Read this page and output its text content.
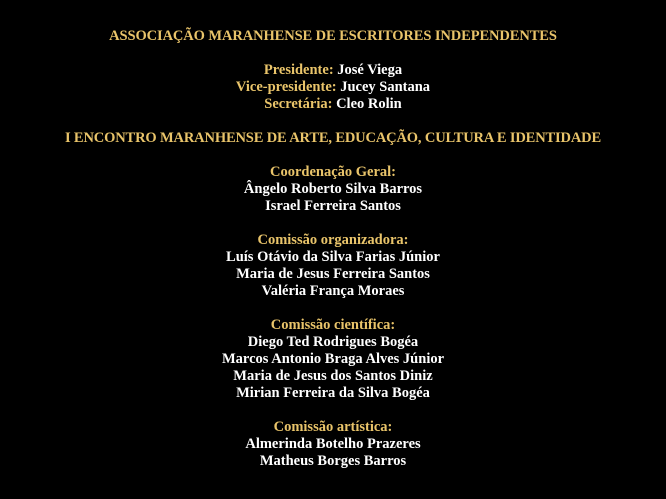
ASSOCIAÇÃO MARANHENSE DE ESCRITORES INDEPENDENTES
Presidente: José Viega
Vice-presidente: Jucey Santana
Secretária: Cleo Rolin
I ENCONTRO MARANHENSE DE ARTE, EDUCAÇÃO, CULTURA E IDENTIDADE
Coordenação Geral:
Ângelo Roberto Silva Barros
Israel Ferreira Santos
Comissão organizadora:
Luís Otávio da Silva Farias Júnior
Maria de Jesus Ferreira Santos
Valéria França Moraes
Comissão científica:
Diego Ted Rodrigues Bogéa
Marcos Antonio Braga Alves Júnior
Maria de Jesus dos Santos Diniz
Mirian Ferreira da Silva Bogéa
Comissão artística:
Almerinda Botelho Prazeres
Matheus Borges Barros
